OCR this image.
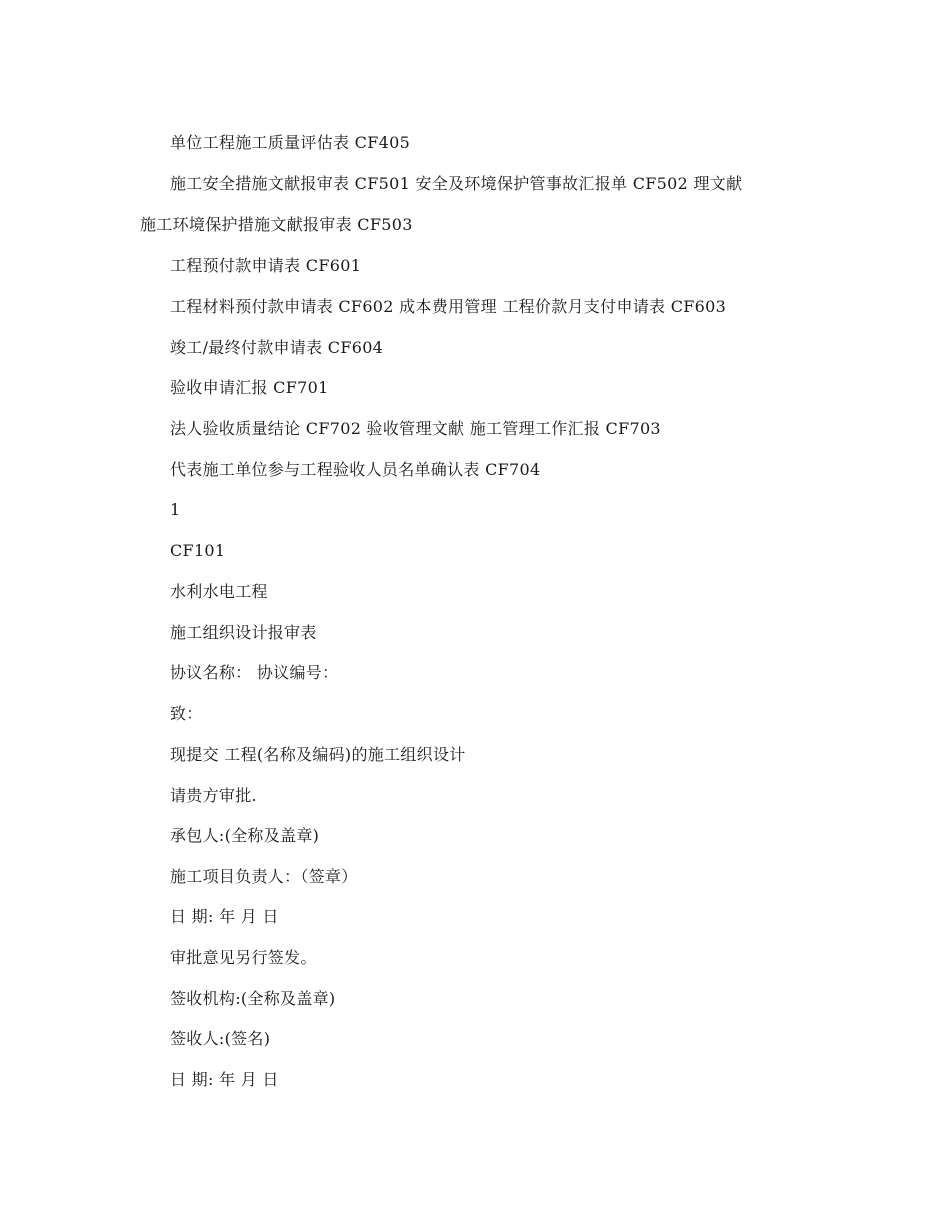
单位工程施工质量评估表 CF405
施工安全措施文献报审表 CF501 安全及环境保护管事故汇报单 CF502 理文献
施工环境保护措施文献报审表 CF503
工程预付款申请表 CF601
工程材料预付款申请表 CF602 成本费用管理 工程价款月支付申请表 CF603
竣工/最终付款申请表 CF604
验收申请汇报 CF701
法人验收质量结论 CF702 验收管理文献 施工管理工作汇报 CF703
代表施工单位参与工程验收人员名单确认表 CF704
1
CF101
水利水电工程
施工组织设计报审表
协议名称： 协议编号：
致：
现提交 工程(名称及编码)的施工组织设计
请贵方审批.
承包人:(全称及盖章)
施工项目负责人：（签章）
日 期: 年 月 日
审批意见另行签发。
签收机构:(全称及盖章)
签收人:(签名)
日 期: 年 月 日
